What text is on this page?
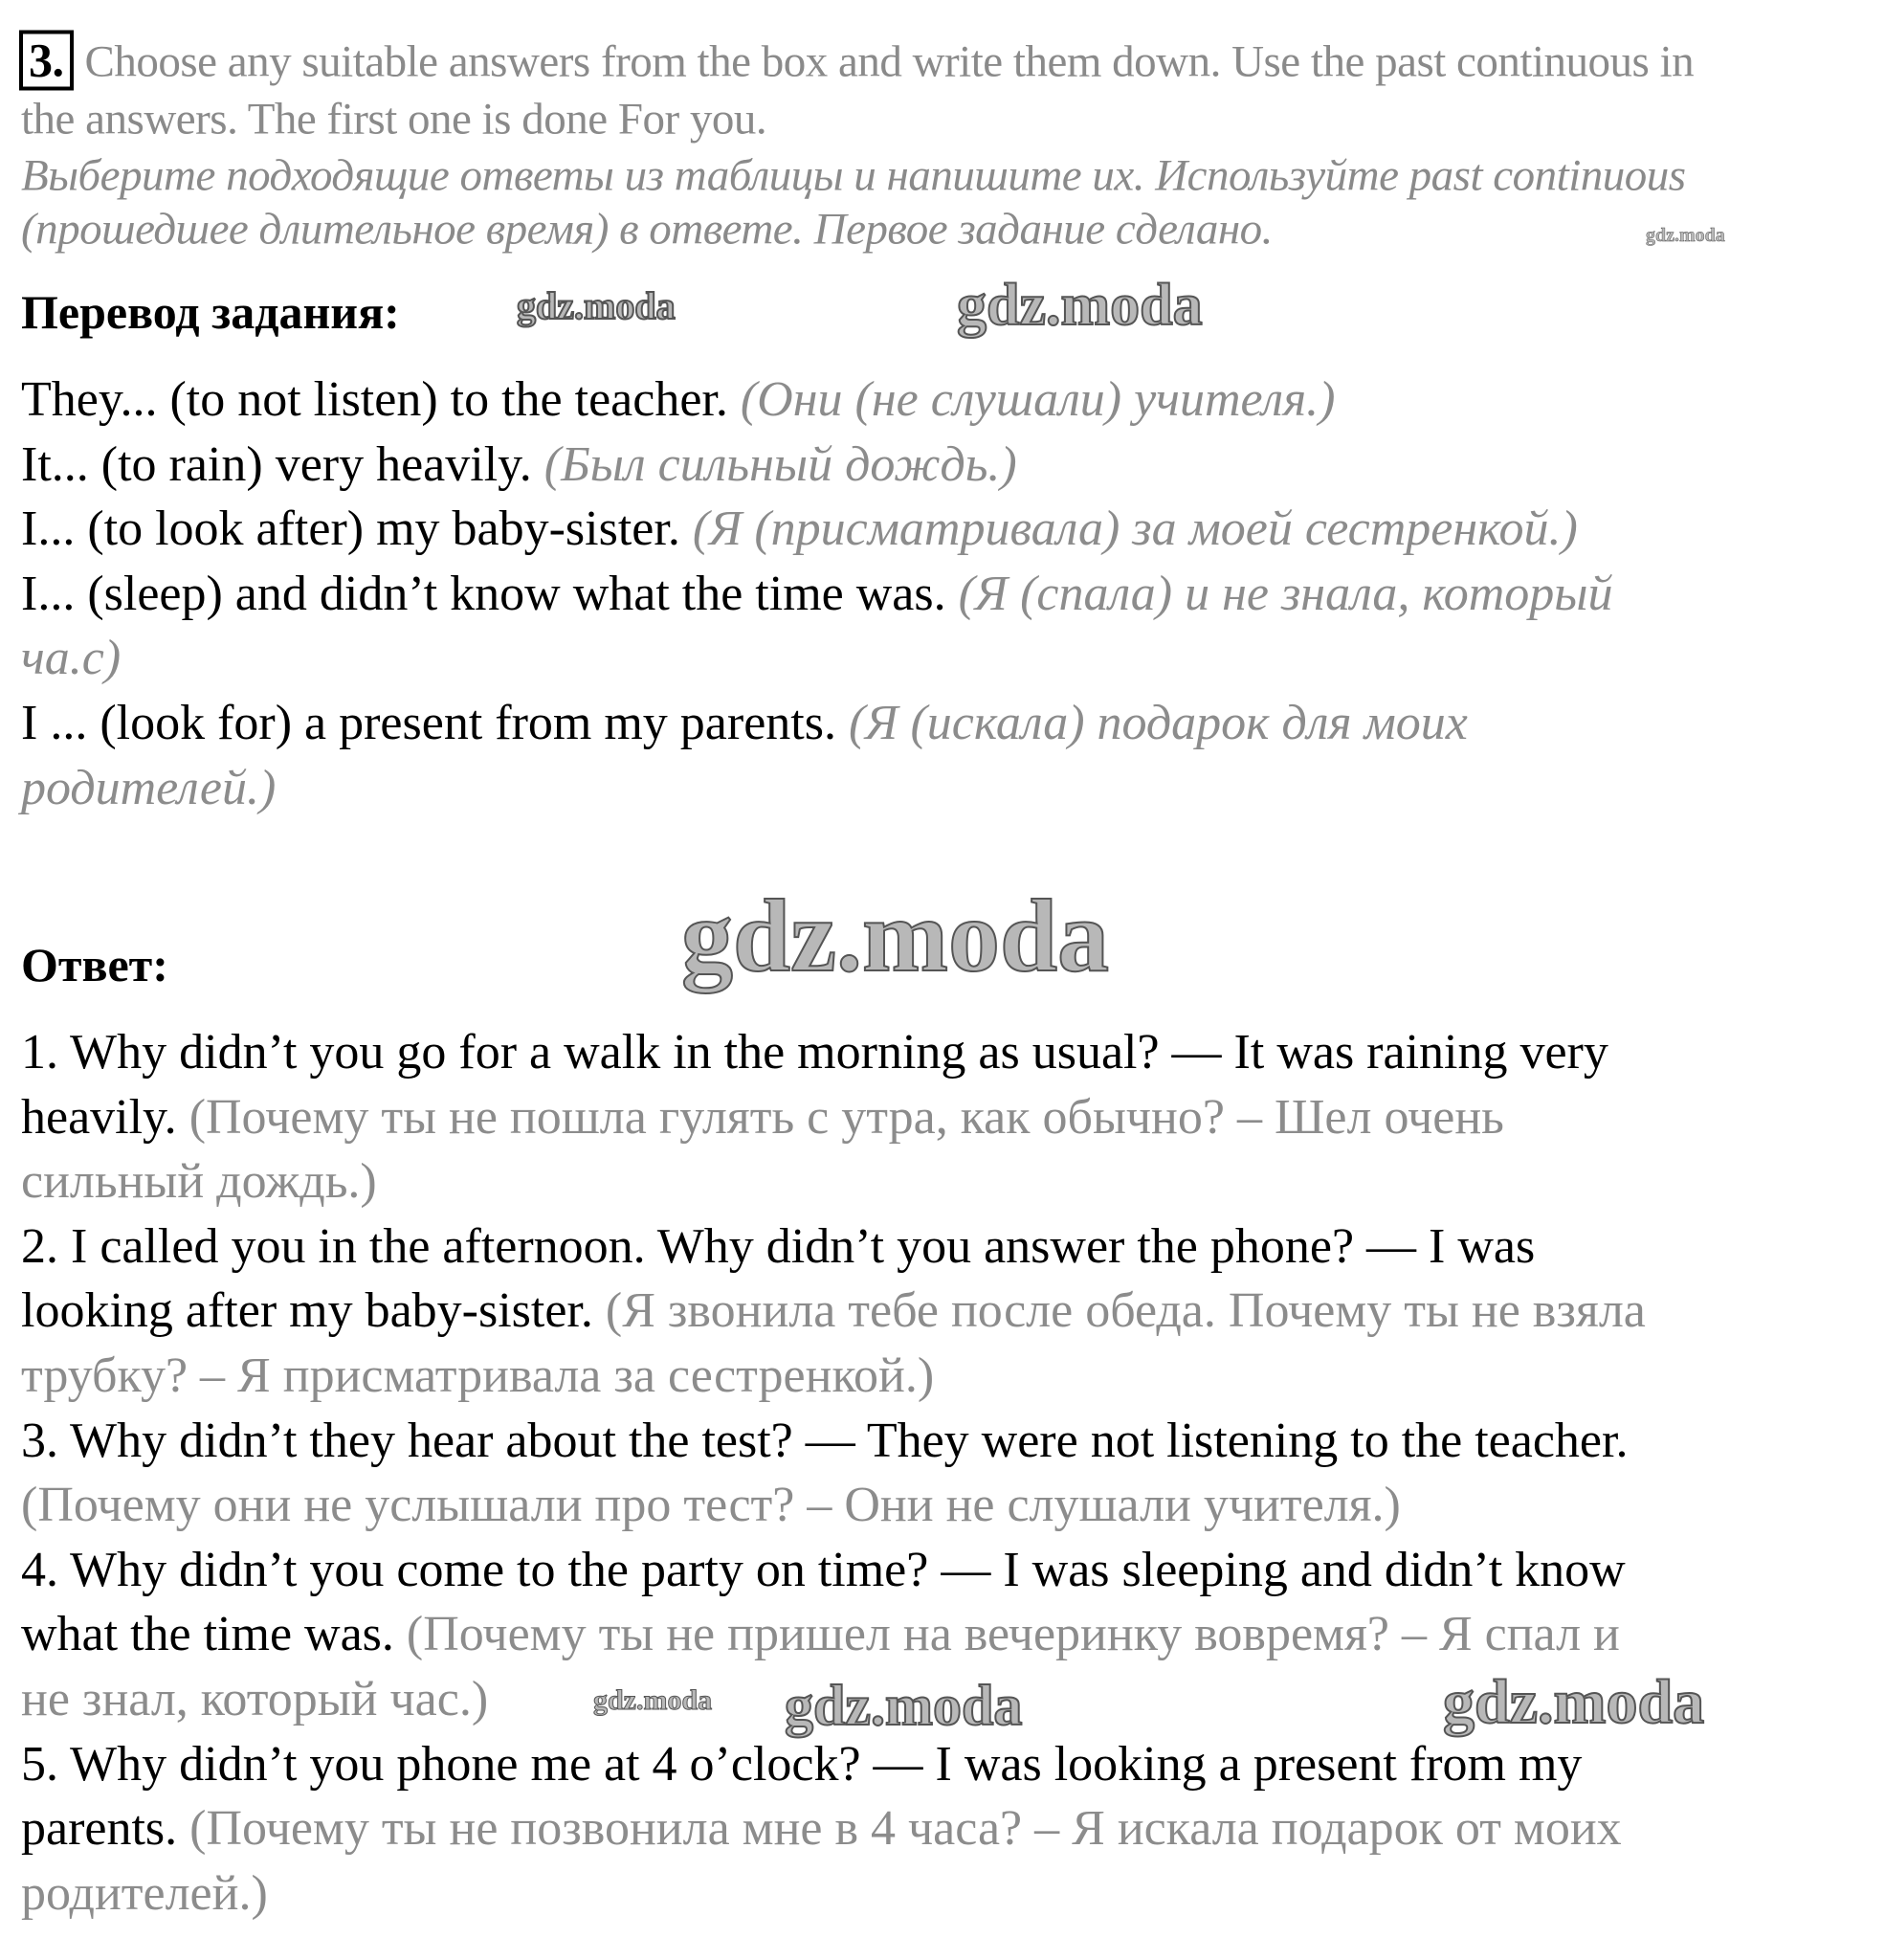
3. Choose any suitable answers from the box and write them down. Use the past continuous in
the answers. The first one is done For you.
Выберите подходящие ответы из таблицы и напишите их. Используйте past continuous
(прошедшее длительное время) в ответе. Первое задание сделано.
Перевод задания:
They... (to not listen) to the teacher. (Они (не слушали) учителя.)
It... (to rain) very heavily. (Был сильный дождь.)
I... (to look after) my baby-sister. (Я (присматривала) за моей сестренкой.)
I... (sleep) and didn’t know what the time was. (Я (спала) и не знала, который
ча.с)
I ... (look for) a present from my parents. (Я (искала) подарок для моих
родителей.)
Ответ:
1. Why didn’t you go for a walk in the morning as usual? — It was raining very
heavily. (Почему ты не пошла гулять с утра, как обычно? – Шел очень
сильный дождь.)
2. I called you in the afternoon. Why didn’t you answer the phone? — I was
looking after my baby-sister. (Я звонила тебе после обеда. Почему ты не взяла
трубку? – Я присматривала за сестренкой.)
3. Why didn’t they hear about the test? — They were not listening to the teacher.
(Почему они не услышали про тест? – Они не слушали учителя.)
4. Why didn’t you come to the party on time? — I was sleeping and didn’t know
what the time was. (Почему ты не пришел на вечеринку вовремя? – Я спал и
не знал, который час.)
5. Why didn’t you phone me at 4 o’clock? — I was looking a present from my
parents. (Почему ты не позвонила мне в 4 часа? – Я искала подарок от моих
родителей.)
gdz.moda	gdz.moda
gdz.moda
gdz.moda
gdz.moda gdz.moda	gdz.moda
